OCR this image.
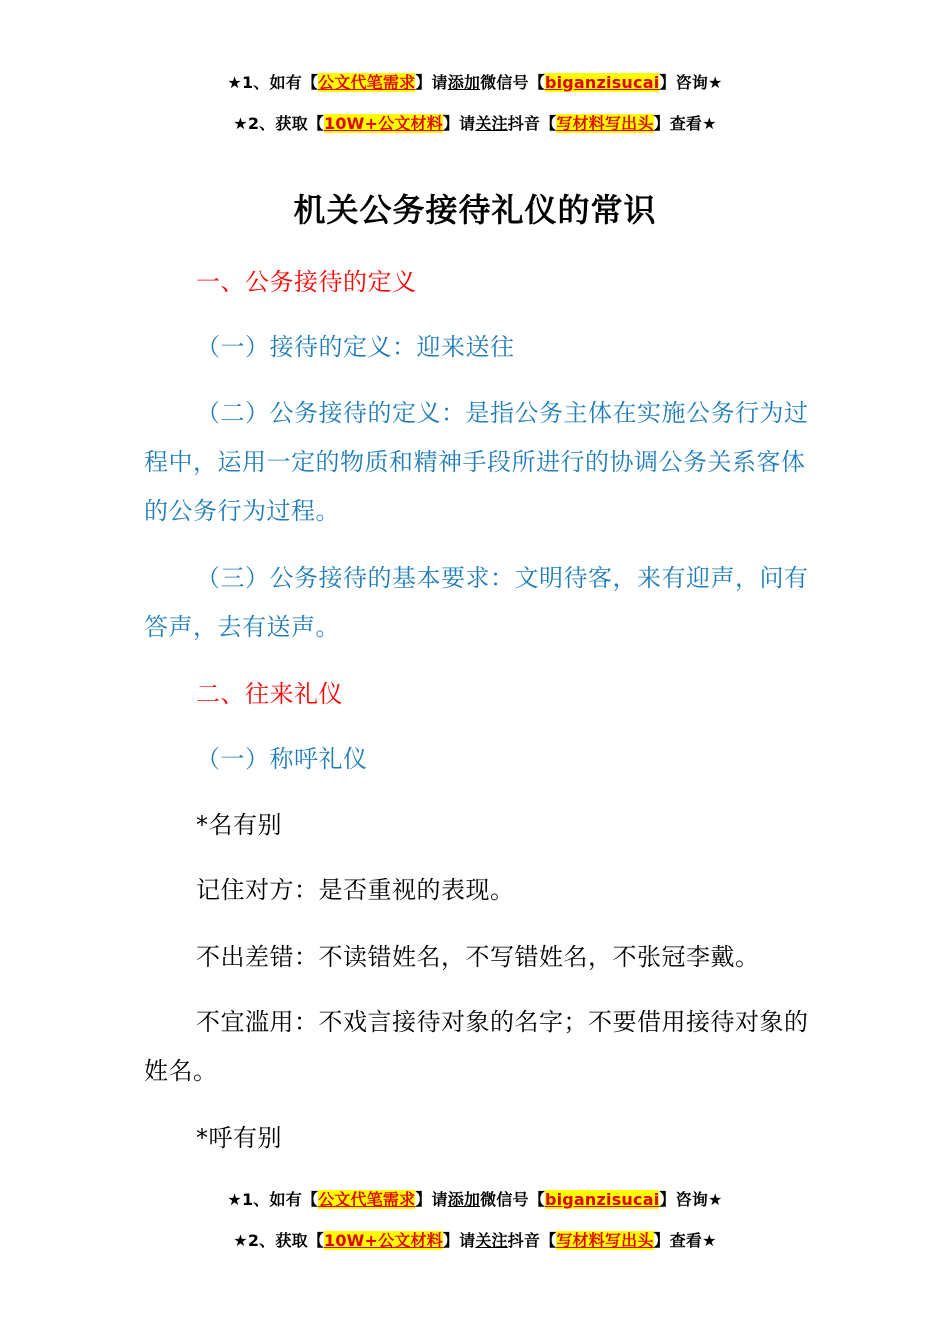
★1、如有【公文代笔需求】请添加微信号【biganzisucai】咨询★
★2、获取【10W+公文材料】请关注抖音【写材料写出头】查看★
机关公务接待礼仪的常识
一、公务接待的定义
（一）接待的定义：迎来送往
（二）公务接待的定义：是指公务主体在实施公务行为过程中，运用一定的物质和精神手段所进行的协调公务关系客体的公务行为过程。
（三）公务接待的基本要求：文明待客，来有迎声，问有答声，去有送声。
二、往来礼仪
（一）称呼礼仪
*名有别
记住对方：是否重视的表现。
不出差错：不读错姓名，不写错姓名，不张冠李戴。
不宜滥用：不戏言接待对象的名字；不要借用接待对象的姓名。
*呼有别
★1、如有【公文代笔需求】请添加微信号【biganzisucai】咨询★
★2、获取【10W+公文材料】请关注抖音【写材料写出头】查看★
